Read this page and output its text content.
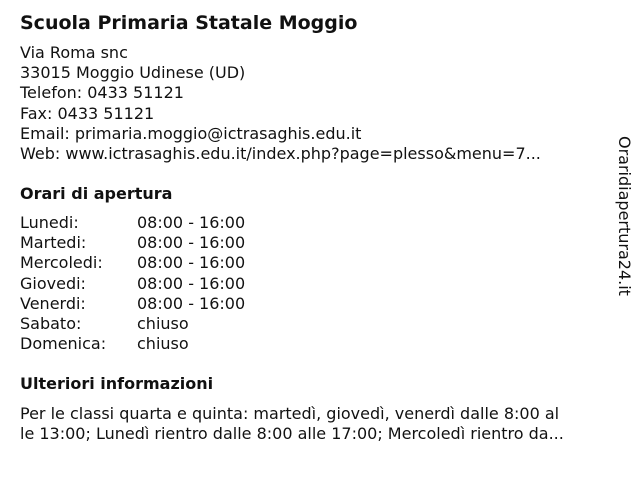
Scuola Primaria Statale Moggio
Via Roma snc
33015 Moggio Udinese (UD)
Telefon: 0433 51121
Fax: 0433 51121
Email: primaria.moggio@ictrasaghis.edu.it
Web: www.ictrasaghis.edu.it/index.php?page=plesso&menu=7...
Orari di apertura
Lunedi:	08:00 - 16:00
Martedi:	08:00 - 16:00
Mercoledi:	08:00 - 16:00
Giovedi:	08:00 - 16:00
Venerdi:	08:00 - 16:00
Sabato:	chiuso
Domenica:	chiuso
Ulteriori informazioni
Per le classi quarta e quinta: martedì, giovedì, venerdì dalle 8:00 al
le 13:00; Lunedì rientro dalle 8:00 alle 17:00; Mercoledì rientro da...
Oraridiapertura24.it
